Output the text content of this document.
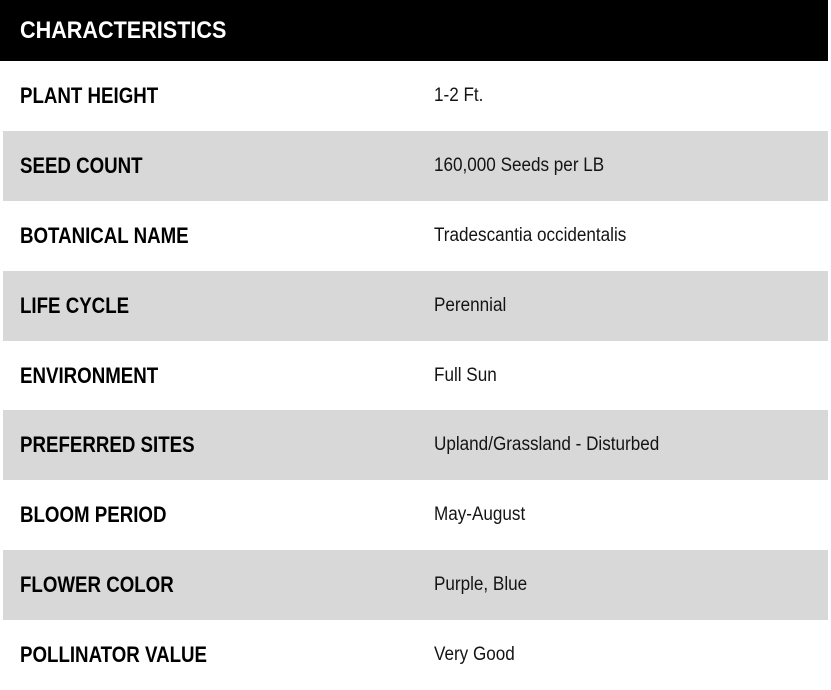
CHARACTERISTICS
PLANT HEIGHT	1-2 Ft.
SEED COUNT	160,000 Seeds per LB
BOTANICAL NAME	Tradescantia occidentalis
LIFE CYCLE	Perennial
ENVIRONMENT	Full Sun
PREFERRED SITES	Upland/Grassland - Disturbed
BLOOM PERIOD	May-August
FLOWER COLOR	Purple, Blue
POLLINATOR VALUE	Very Good
